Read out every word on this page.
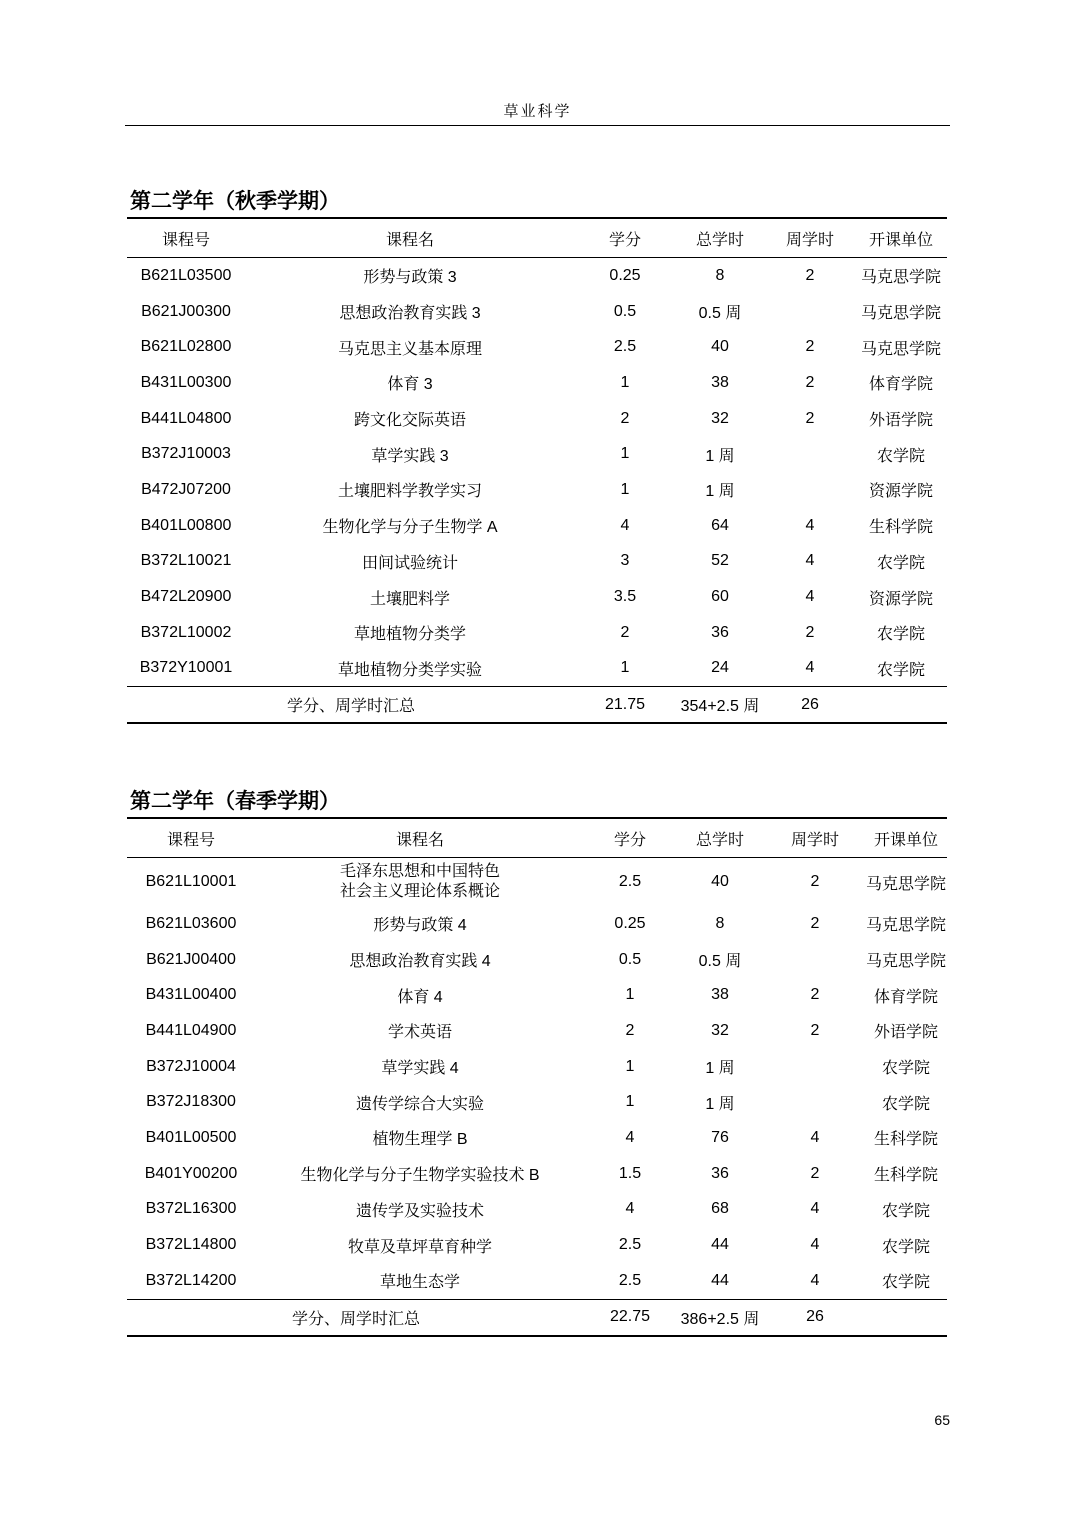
草业科学
第二学年（秋季学期）
课程号	课程名	学分	总学时	周学时	开课单位
B621L03500	形势与政策 3	0.25	8	2	马克思学院
B621J00300	思想政治教育实践 3	0.5	0.5 周		马克思学院
B621L02800	马克思主义基本原理	2.5	40	2	马克思学院
B431L00300	体育 3	1	38	2	体育学院
B441L04800	跨文化交际英语	2	32	2	外语学院
B372J10003	草学实践 3	1	1 周		农学院
B472J07200	土壤肥料学教学实习	1	1 周		资源学院
B401L00800	生物化学与分子生物学 A	4	64	4	生科学院
B372L10021	田间试验统计	3	52	4	农学院
B472L20900	土壤肥料学	3.5	60	4	资源学院
B372L10002	草地植物分类学	2	36	2	农学院
B372Y10001	草地植物分类学实验	1	24	4	农学院
学分、周学时汇总		21.75	354+2.5 周	26	
第二学年（春季学期）
课程号	课程名	学分	总学时	周学时	开课单位
B621L10001	毛泽东思想和中国特色
社会主义理论体系概论	2.5	40	2	马克思学院
B621L03600	形势与政策 4	0.25	8	2	马克思学院
B621J00400	思想政治教育实践 4	0.5	0.5 周		马克思学院
B431L00400	体育 4	1	38	2	体育学院
B441L04900	学术英语	2	32	2	外语学院
B372J10004	草学实践 4	1	1 周		农学院
B372J18300	遗传学综合大实验	1	1 周		农学院
B401L00500	植物生理学 B	4	76	4	生科学院
B401Y00200	生物化学与分子生物学实验技术 B	1.5	36	2	生科学院
B372L16300	遗传学及实验技术	4	68	4	农学院
B372L14800	牧草及草坪草育种学	2.5	44	4	农学院
B372L14200	草地生态学	2.5	44	4	农学院
学分、周学时汇总		22.75	386+2.5 周	26	
65
